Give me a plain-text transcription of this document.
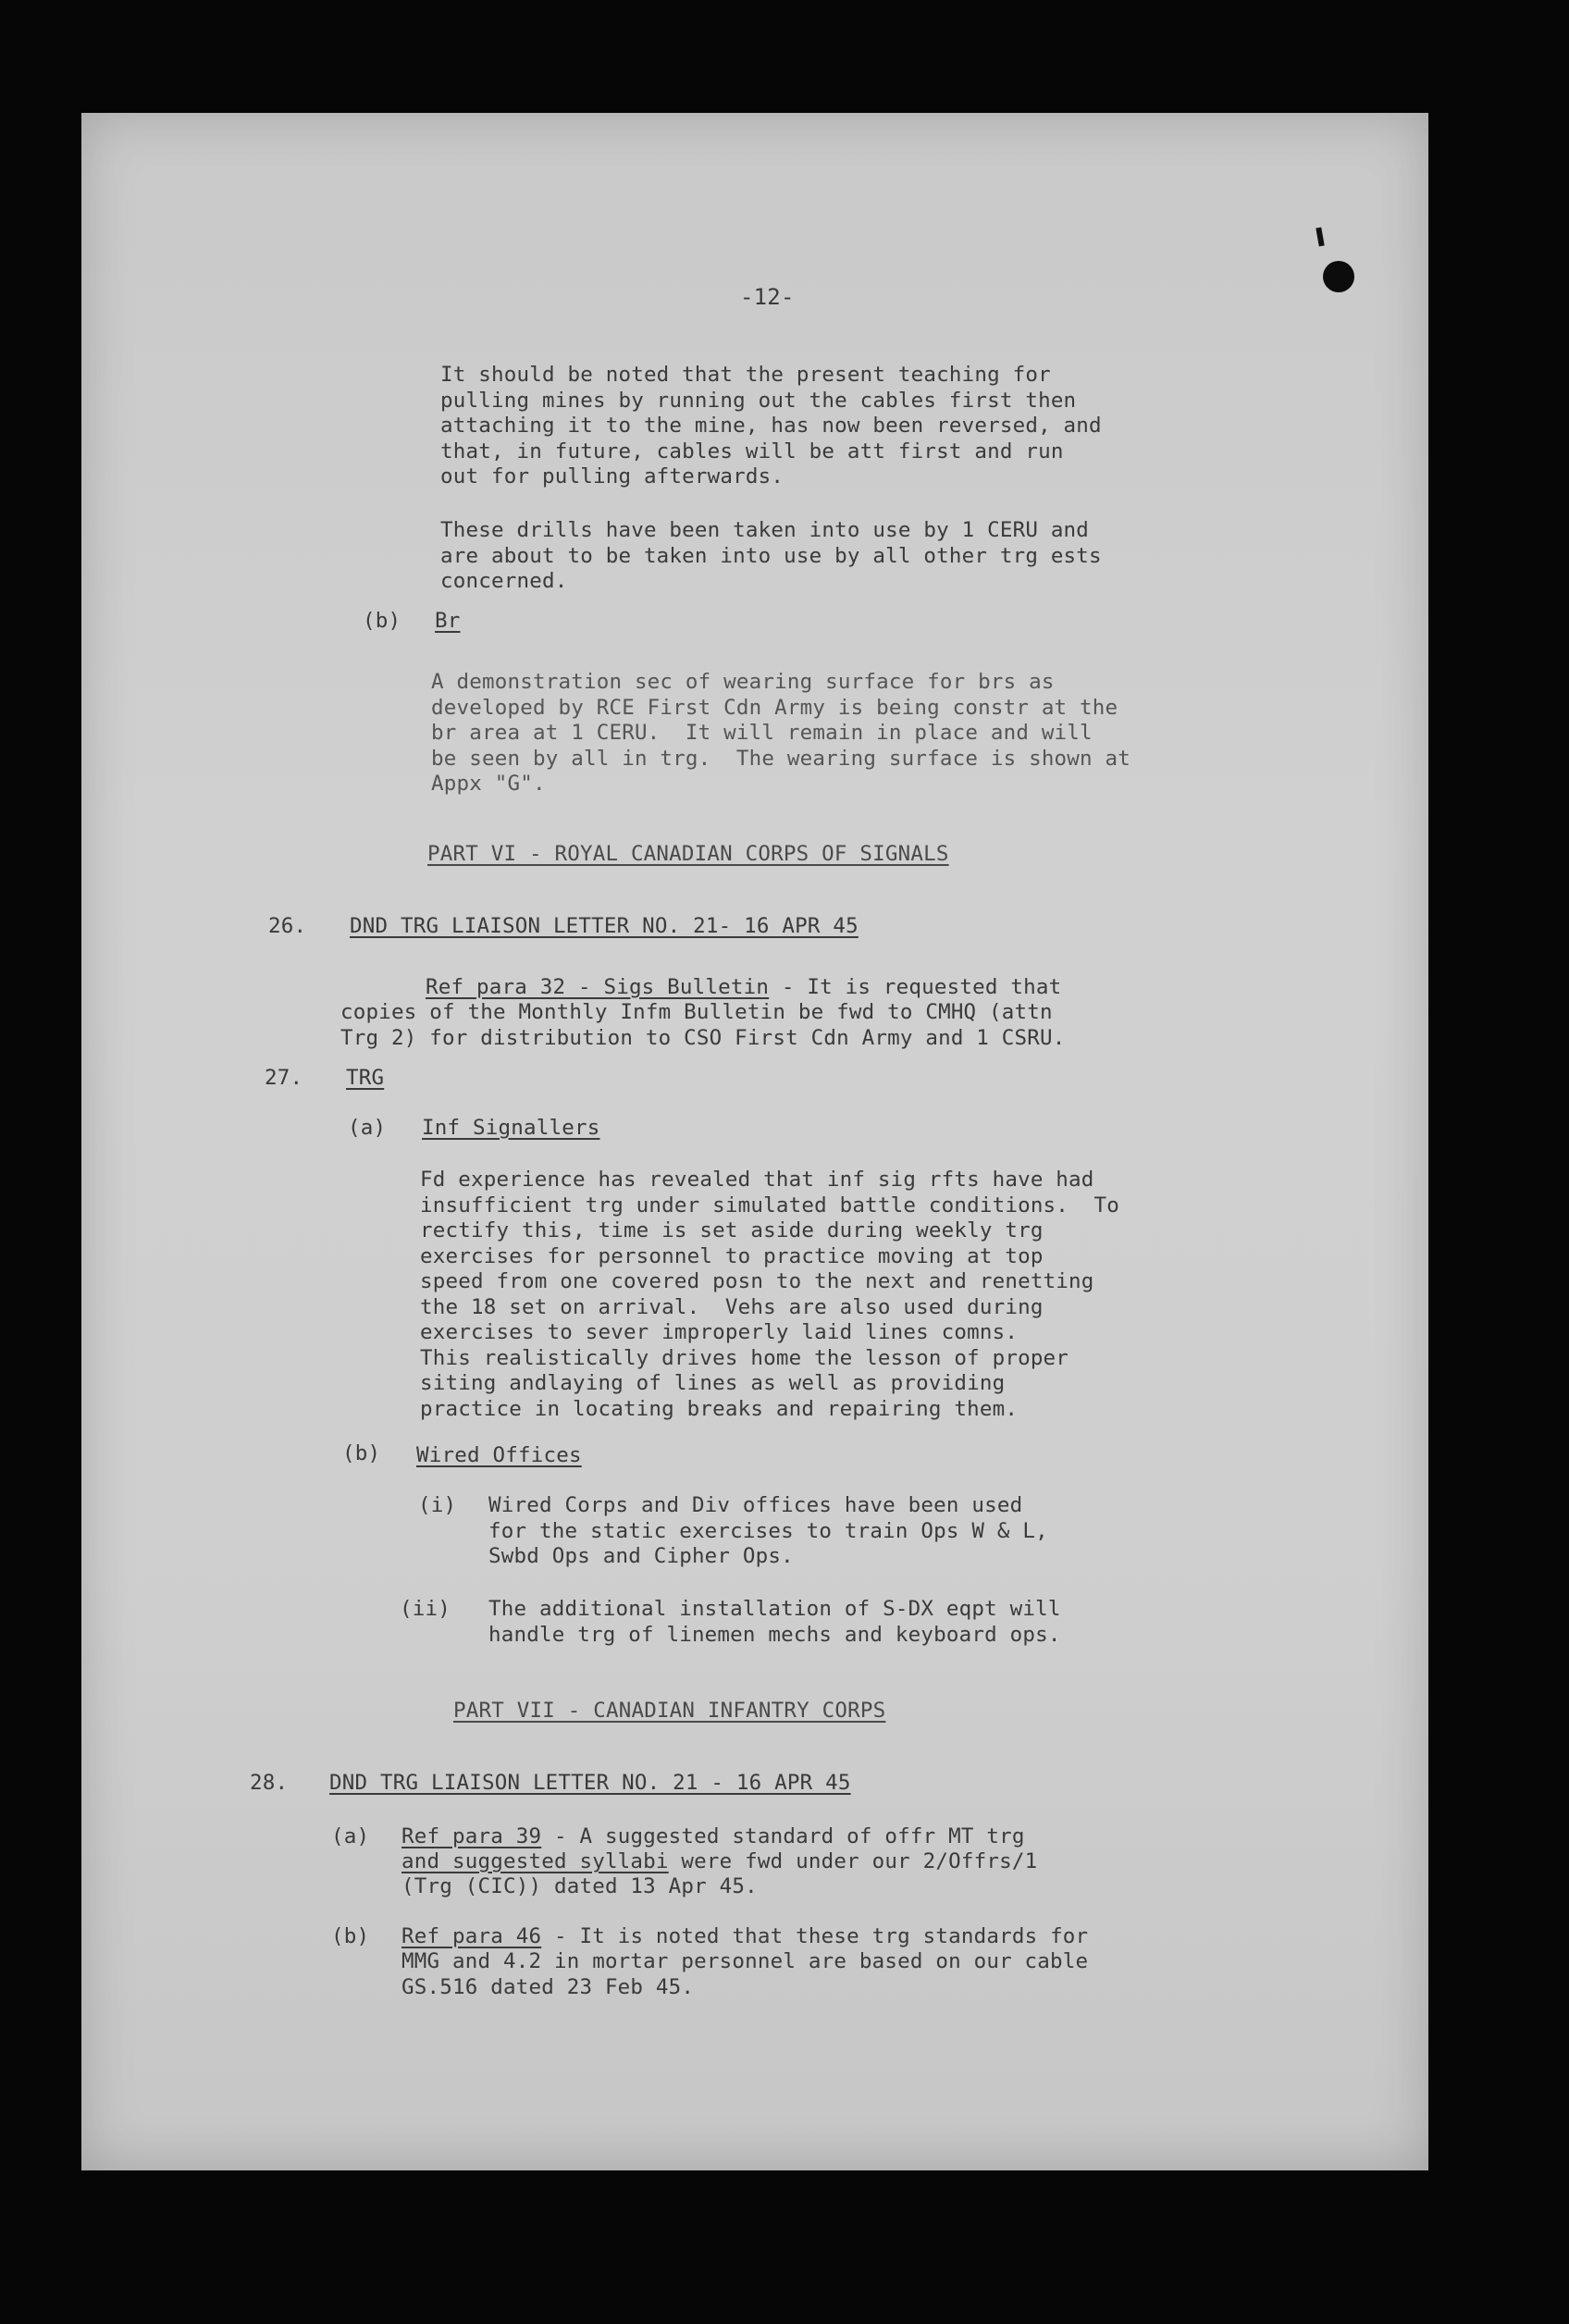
-12-

It should be noted that the present teaching for
pulling mines by running out the cables first then
attaching it to the mine, has now been reversed, and
that, in future, cables will be att first and run
out for pulling afterwards.

These drills have been taken into use by 1 CERU and
are about to be taken into use by all other trg ests
concerned.

(b) Br

A demonstration sec of wearing surface for brs as
developed by RCE First Cdn Army is being constr at the
br area at 1 CERU.  It will remain in place and will
be seen by all in trg.  The wearing surface is shown at
Appx "G".

PART VI - ROYAL CANADIAN CORPS OF SIGNALS

26. DND TRG LIAISON LETTER NO. 21- 16 APR 45

Ref para 32 - Sigs Bulletin - It is requested that

copies of the Monthly Infm Bulletin be fwd to CMHQ (attn
Trg 2) for distribution to CSO First Cdn Army and 1 CSRU.

27. TRG

(a) Inf Signallers

Fd experience has revealed that inf sig rfts have had
insufficient trg under simulated battle conditions.  To
rectify this, time is set aside during weekly trg
exercises for personnel to practice moving at top
speed from one covered posn to the next and renetting
the 18 set on arrival.  Vehs are also used during
exercises to sever improperly laid lines comns.
This realistically drives home the lesson of proper
siting andlaying of lines as well as providing
practice in locating breaks and repairing them.

(b) Wired Offices

(i) Wired Corps and Div offices have been used
for the static exercises to train Ops W & L,
Swbd Ops and Cipher Ops.

(ii) The additional installation of S-DX eqpt will
handle trg of linemen mechs and keyboard ops.

PART VII - CANADIAN INFANTRY CORPS

28. DND TRG LIAISON LETTER NO. 21 - 16 APR 45

(a) Ref para 39 - A suggested standard of offr MT trg

and suggested syllabi were fwd under our 2/Offrs/1

(Trg (CIC)) dated 13 Apr 45.

(b) Ref para 46 - It is noted that these trg standards for

MMG and 4.2 in mortar personnel are based on our cable
GS.516 dated 23 Feb 45.
